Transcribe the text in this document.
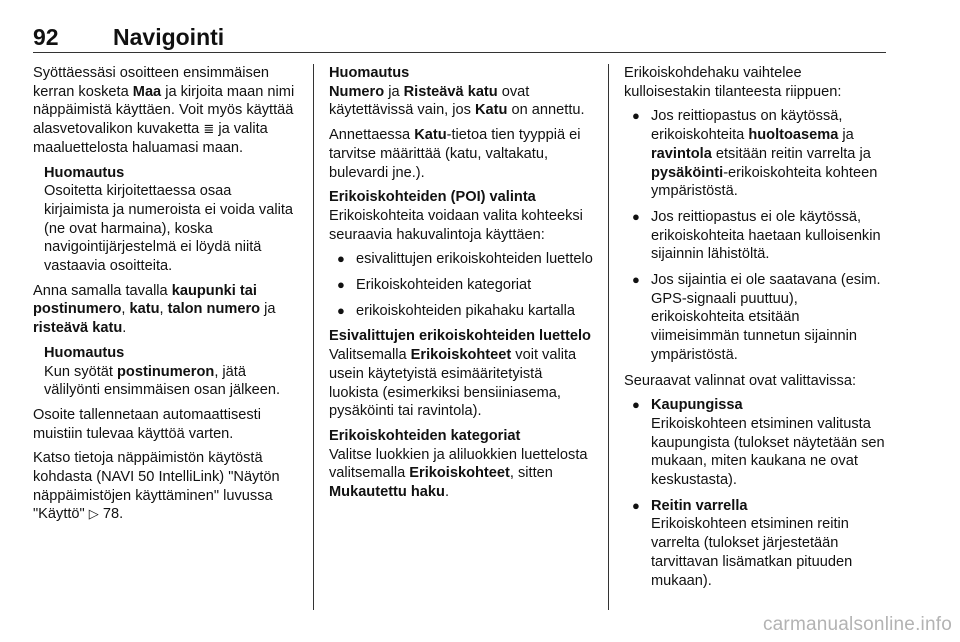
92 Navigointi

Syöttäessäsi osoitteen ensimmäisen kerran kosketa Maa ja kirjoita maan nimi näppäimistä käyttäen. Voit myös käyttää alasvetovalikon kuvaketta ≣ ja valita maaluettelosta haluamasi maan.

Huomautus

Osoitetta kirjoitettaessa osaa kirjaimista ja numeroista ei voida valita (ne ovat harmaina), koska navigointijärjestelmä ei löydä niitä vastaavia osoitteita.

Anna samalla tavalla kaupunki tai postinumero, katu, talon numero ja risteävä katu.

Huomautus

Kun syötät postinumeron, jätä välilyönti ensimmäisen osan jälkeen.

Osoite tallennetaan automaattisesti muistiin tulevaa käyttöä varten.

Katso tietoja näppäimistön käytöstä kohdasta (NAVI 50 IntelliLink) "Näytön näppäimistöjen käyttäminen" luvussa "Käyttö" ▷ 78.

Huomautus

Numero ja Risteävä katu ovat käytettävissä vain, jos Katu on annettu.

Annettaessa Katu-tietoa tien tyyppiä ei tarvitse määrittää (katu, valtakatu, bulevardi jne.).

Erikoiskohteiden (POI) valinta

Erikoiskohteita voidaan valita kohteeksi seuraavia hakuvalintoja käyttäen:

● esivalittujen erikoiskohteiden luettelo
● Erikoiskohteiden kategoriat
● erikoiskohteiden pikahaku kartalla

Esivalittujen erikoiskohteiden luettelo

Valitsemalla Erikoiskohteet voit valita usein käytetyistä esimääritetyistä luokista (esimerkiksi bensiiniasema, pysäköinti tai ravintola).

Erikoiskohteiden kategoriat

Valitse luokkien ja aliluokkien luettelosta valitsemalla Erikoiskohteet, sitten Mukautettu haku.

Erikoiskohdehaku vaihtelee kulloisestakin tilanteesta riippuen:

● Jos reittiopastus on käytössä, erikoiskohteita huoltoasema ja ravintola etsitään reitin varrelta ja pysäköinti-erikoiskohteita kohteen ympäristöstä.
● Jos reittiopastus ei ole käytössä, erikoiskohteita haetaan kulloisenkin sijainnin lähistöltä.
● Jos sijaintia ei ole saatavana (esim. GPS-signaali puuttuu), erikoiskohteita etsitään viimeisimmän tunnetun sijainnin ympäristöstä.

Seuraavat valinnat ovat valittavissa:

● Kaupungissa
Erikoiskohteen etsiminen valitusta kaupungista (tulokset näytetään sen mukaan, miten kaukana ne ovat keskustasta).
● Reitin varrella
Erikoiskohteen etsiminen reitin varrelta (tulokset järjestetään tarvittavan lisämatkan pituuden mukaan).
carmanualsonline.info
